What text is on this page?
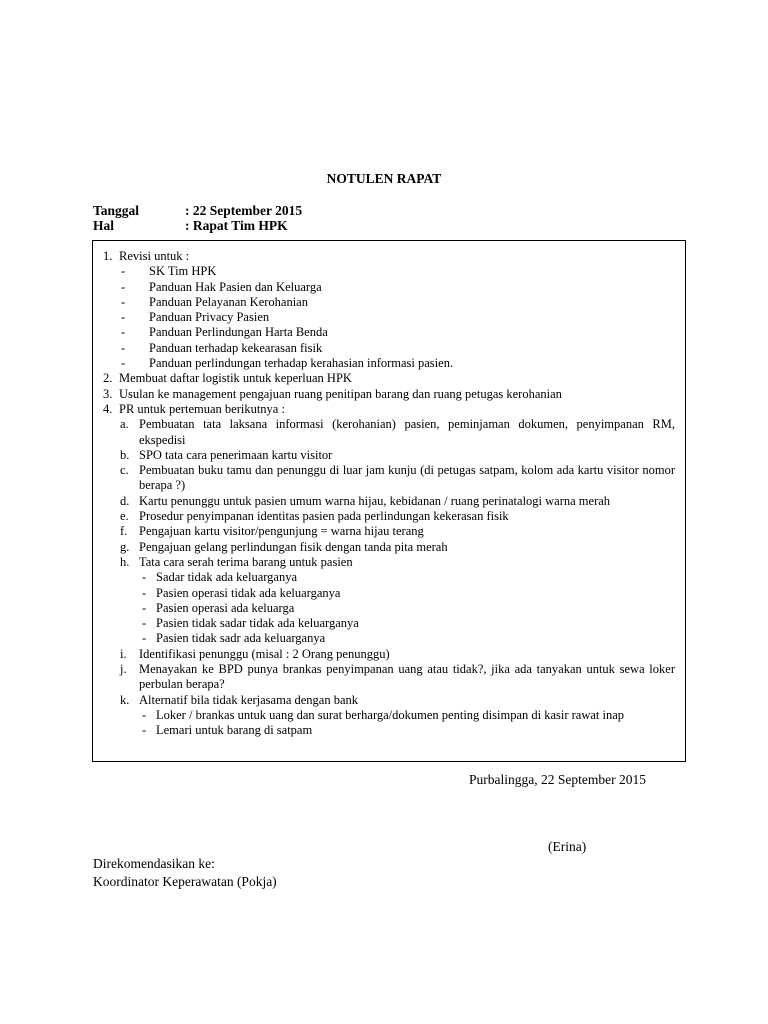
NOTULEN RAPAT
Tanggal	: 22 September 2015
Hal	: Rapat Tim HPK
1. Revisi untuk :
-	SK Tim HPK
-	Panduan Hak Pasien dan Keluarga
-	Panduan Pelayanan Kerohanian
-	Panduan Privacy Pasien
-	Panduan Perlindungan Harta Benda
-	Panduan terhadap kekearasan fisik
-	Panduan perlindungan terhadap kerahasian informasi pasien.
2. Membuat daftar logistik untuk keperluan HPK
3. Usulan ke management pengajuan ruang penitipan barang dan ruang petugas kerohanian
4. PR untuk pertemuan berikutnya :
a. Pembuatan tata laksana informasi (kerohanian) pasien, peminjaman dokumen, penyimpanan RM, ekspedisi
b. SPO tata cara penerimaan kartu visitor
c. Pembuatan buku tamu dan penunggu di luar jam kunju (di petugas satpam, kolom ada kartu visitor nomor berapa ?)
d. Kartu penunggu untuk pasien umum warna hijau, kebidanan / ruang perinatalogi warna merah
e. Prosedur penyimpanan identitas pasien pada perlindungan kekerasan fisik
f. Pengajuan kartu visitor/pengunjung = warna hijau terang
g. Pengajuan gelang perlindungan fisik dengan tanda pita merah
h. Tata cara serah terima barang untuk pasien
- Sadar tidak ada keluarganya
- Pasien operasi tidak ada keluarganya
- Pasien operasi ada keluarga
- Pasien tidak sadar tidak ada keluarganya
- Pasien tidak sadr ada keluarganya
i. Identifikasi penunggu (misal : 2 Orang penunggu)
j. Menayakan ke BPD punya brankas penyimpanan uang atau tidak?, jika ada tanyakan untuk sewa loker perbulan berapa?
k. Alternatif bila tidak kerjasama dengan bank
- Loker / brankas untuk uang dan surat berharga/dokumen penting disimpan di kasir rawat inap
- Lemari untuk barang di satpam
Purbalingga, 22 September 2015
(Erina)
Direkomendasikan ke:
Koordinator Keperawatan (Pokja)
